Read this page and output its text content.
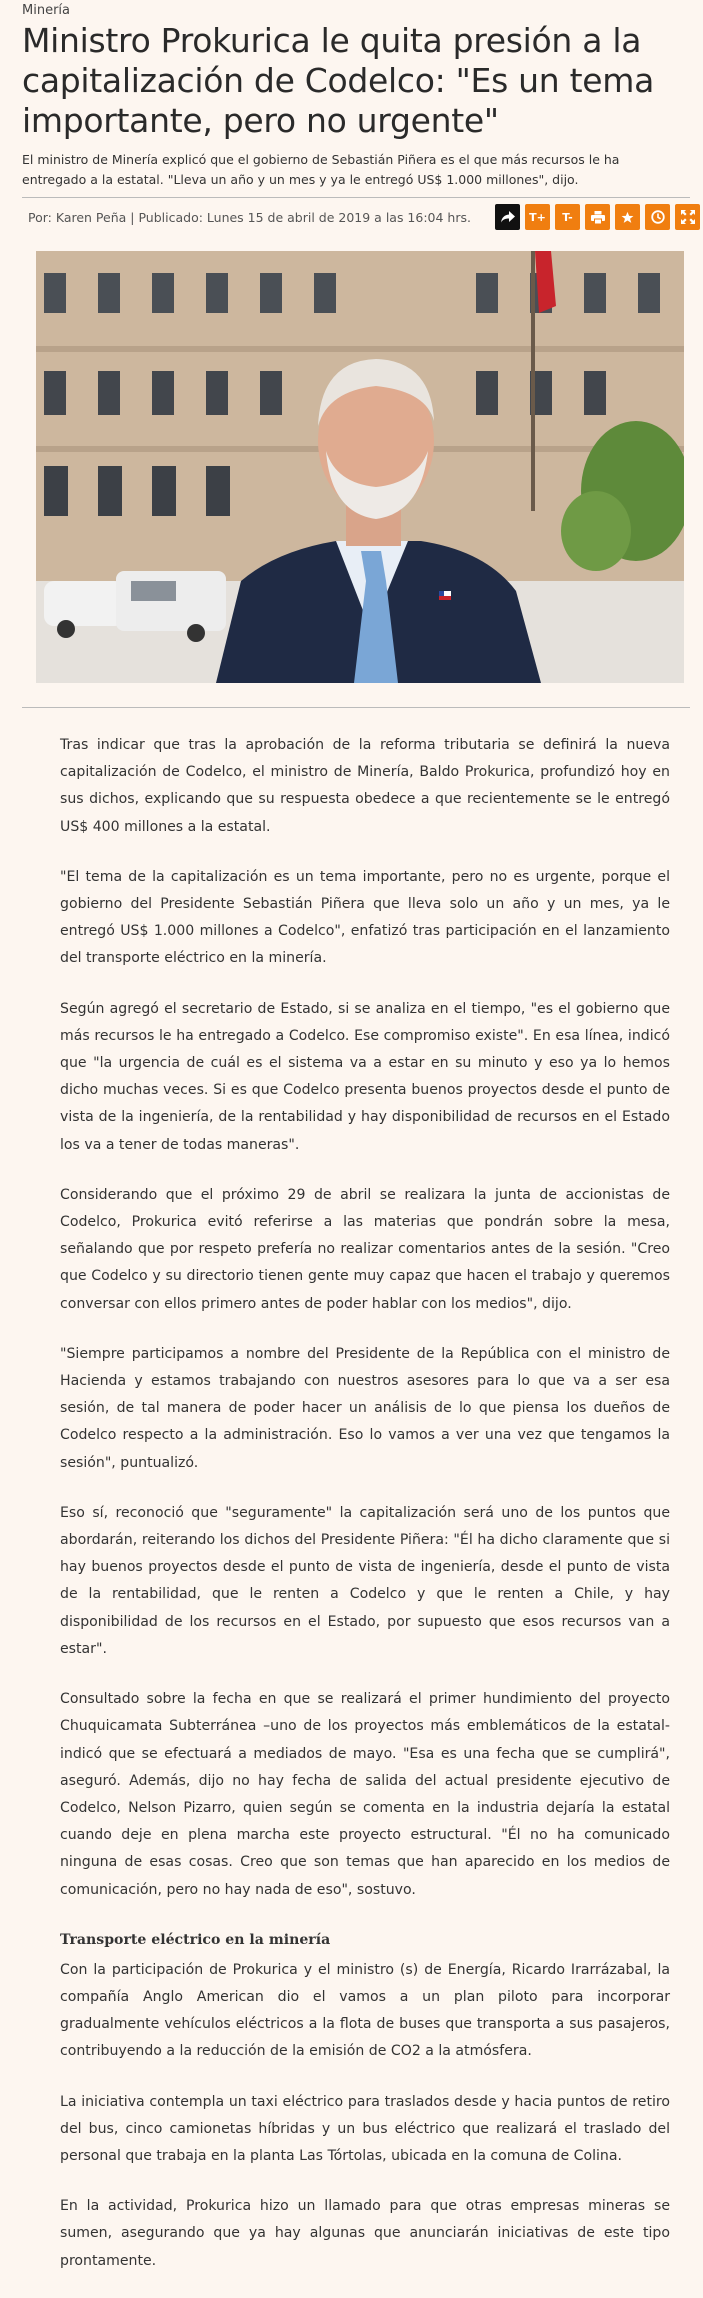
Minería
Ministro Prokurica le quita presión a la capitalización de Codelco: "Es un tema importante, pero no urgente"

El ministro de Minería explicó que el gobierno de Sebastián Piñera es el que más recursos le ha entregado a la estatal. "Lleva un año y un mes y ya le entregó US$ 1.000 millones", dijo.

Por: Karen Peña | Publicado: Lunes 15 de abril de 2019 a las 16:04 hrs.	T+	T-

Tras indicar que tras la aprobación de la reforma tributaria se definirá la nueva capitalización de Codelco, el ministro de Minería, Baldo Prokurica, profundizó hoy en sus dichos, explicando que su respuesta obedece a que recientemente se le entregó US$ 400 millones a la estatal.

"El tema de la capitalización es un tema importante, pero no es urgente, porque el gobierno del Presidente Sebastián Piñera que lleva solo un año y un mes, ya le entregó US$ 1.000 millones a Codelco", enfatizó tras participación en el lanzamiento del transporte eléctrico en la minería.

Según agregó el secretario de Estado, si se analiza en el tiempo, "es el gobierno que más recursos le ha entregado a Codelco. Ese compromiso existe". En esa línea, indicó que "la urgencia de cuál es el sistema va a estar en su minuto y eso ya lo hemos dicho muchas veces. Si es que Codelco presenta buenos proyectos desde el punto de vista de la ingeniería, de la rentabilidad y hay disponibilidad de recursos en el Estado los va a tener de todas maneras".

Considerando que el próximo 29 de abril se realizara la junta de accionistas de Codelco, Prokurica evitó referirse a las materias que pondrán sobre la mesa, señalando que por respeto prefería no realizar comentarios antes de la sesión. "Creo que Codelco y su directorio tienen gente muy capaz que hacen el trabajo y queremos conversar con ellos primero antes de poder hablar con los medios", dijo.

"Siempre participamos a nombre del Presidente de la República con el ministro de Hacienda y estamos trabajando con nuestros asesores para lo que va a ser esa sesión, de tal manera de poder hacer un análisis de lo que piensa los dueños de Codelco respecto a la administración. Eso lo vamos a ver una vez que tengamos la sesión", puntualizó.

Eso sí, reconoció que "seguramente" la capitalización será uno de los puntos que abordarán, reiterando los dichos del Presidente Piñera: "Él ha dicho claramente que si hay buenos proyectos desde el punto de vista de ingeniería, desde el punto de vista de la rentabilidad, que le renten a Codelco y que le renten a Chile, y hay disponibilidad de los recursos en el Estado, por supuesto que esos recursos van a estar".

Consultado sobre la fecha en que se realizará el primer hundimiento del proyecto Chuquicamata Subterránea –uno de los proyectos más emblemáticos de la estatal- indicó que se efectuará a mediados de mayo. "Esa es una fecha que se cumplirá", aseguró. Además, dijo no hay fecha de salida del actual presidente ejecutivo de Codelco, Nelson Pizarro, quien según se comenta en la industria dejaría la estatal cuando deje en plena marcha este proyecto estructural. "Él no ha comunicado ninguna de esas cosas. Creo que son temas que han aparecido en los medios de comunicación, pero no hay nada de eso", sostuvo.

Transporte eléctrico en la minería

Con la participación de Prokurica y el ministro (s) de Energía, Ricardo Irarrázabal, la compañía Anglo American dio el vamos a un plan piloto para incorporar gradualmente vehículos eléctricos a la flota de buses que transporta a sus pasajeros, contribuyendo a la reducción de la emisión de CO2 a la atmósfera.

La iniciativa contempla un taxi eléctrico para traslados desde y hacia puntos de retiro del bus, cinco camionetas híbridas y un bus eléctrico que realizará el traslado del personal que trabaja en la planta Las Tórtolas, ubicada en la comuna de Colina.

En la actividad, Prokurica hizo un llamado para que otras empresas mineras se sumen, asegurando que ya hay algunas que anunciarán iniciativas de este tipo prontamente.
